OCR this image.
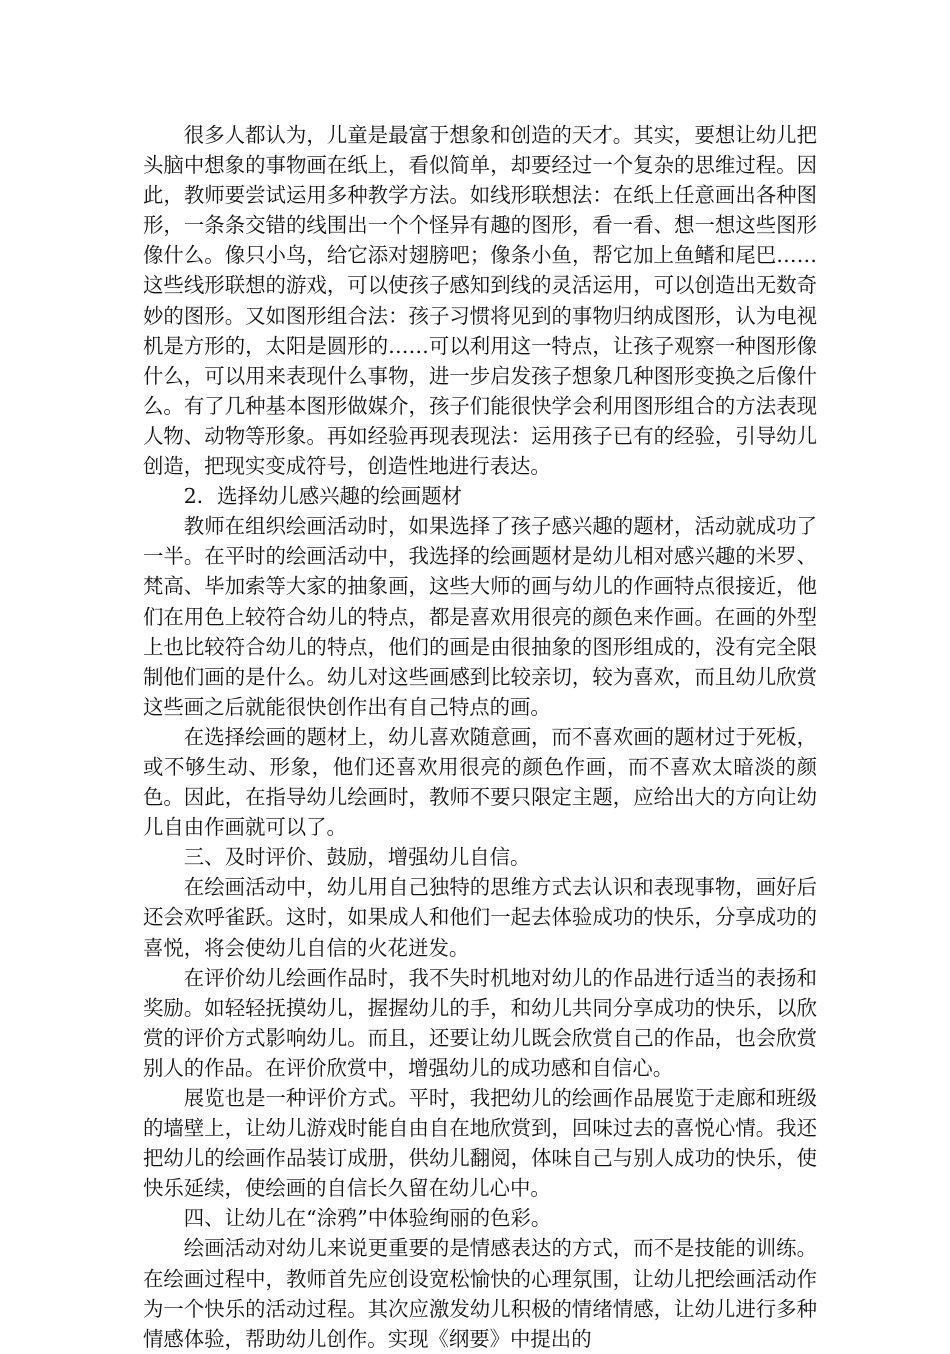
很多人都认为，儿童是最富于想象和创造的天才。其实，要想让幼儿把头脑中想象的事物画在纸上，看似简单，却要经过一个复杂的思维过程。因此，教师要尝试运用多种教学方法。如线形联想法：在纸上任意画出各种图形，一条条交错的线围出一个个怪异有趣的图形，看一看、想一想这些图形像什么。像只小鸟，给它添对翅膀吧；像条小鱼，帮它加上鱼鳍和尾巴……这些线形联想的游戏，可以使孩子感知到线的灵活运用，可以创造出无数奇妙的图形。又如图形组合法：孩子习惯将见到的事物归纳成图形，认为电视机是方形的，太阳是圆形的……可以利用这一特点，让孩子观察一种图形像什么，可以用来表现什么事物，进一步启发孩子想象几种图形变换之后像什么。有了几种基本图形做媒介，孩子们能很快学会利用图形组合的方法表现人物、动物等形象。再如经验再现表现法：运用孩子已有的经验，引导幼儿创造，把现实变成符号，创造性地进行表达。

2．选择幼儿感兴趣的绘画题材

教师在组织绘画活动时，如果选择了孩子感兴趣的题材，活动就成功了一半。在平时的绘画活动中，我选择的绘画题材是幼儿相对感兴趣的米罗、梵高、毕加索等大家的抽象画，这些大师的画与幼儿的作画特点很接近，他们在用色上较符合幼儿的特点，都是喜欢用很亮的颜色来作画。在画的外型上也比较符合幼儿的特点，他们的画是由很抽象的图形组成的，没有完全限制他们画的是什么。幼儿对这些画感到比较亲切，较为喜欢，而且幼儿欣赏这些画之后就能很快创作出有自己特点的画。

在选择绘画的题材上，幼儿喜欢随意画，而不喜欢画的题材过于死板，或不够生动、形象，他们还喜欢用很亮的颜色作画，而不喜欢太暗淡的颜色。因此，在指导幼儿绘画时，教师不要只限定主题，应给出大的方向让幼儿自由作画就可以了。

三、及时评价、鼓励，增强幼儿自信。

在绘画活动中，幼儿用自己独特的思维方式去认识和表现事物，画好后还会欢呼雀跃。这时，如果成人和他们一起去体验成功的快乐，分享成功的喜悦，将会使幼儿自信的火花迸发。

在评价幼儿绘画作品时，我不失时机地对幼儿的作品进行适当的表扬和奖励。如轻轻抚摸幼儿，握握幼儿的手，和幼儿共同分享成功的快乐，以欣赏的评价方式影响幼儿。而且，还要让幼儿既会欣赏自己的作品，也会欣赏别人的作品。在评价欣赏中，增强幼儿的成功感和自信心。

展览也是一种评价方式。平时，我把幼儿的绘画作品展览于走廊和班级的墙壁上，让幼儿游戏时能自由自在地欣赏到，回味过去的喜悦心情。我还把幼儿的绘画作品装订成册，供幼儿翻阅，体味自己与别人成功的快乐，使快乐延续，使绘画的自信长久留在幼儿心中。

四、让幼儿在“涂鸦”中体验绚丽的色彩。

绘画活动对幼儿来说更重要的是情感表达的方式，而不是技能的训练。在绘画过程中，教师首先应创设宽松愉快的心理氛围，让幼儿把绘画活动作为一个快乐的活动过程。其次应激发幼儿积极的情绪情感，让幼儿进行多种情感体验，帮助幼儿创作。实现《纲要》中提出的
